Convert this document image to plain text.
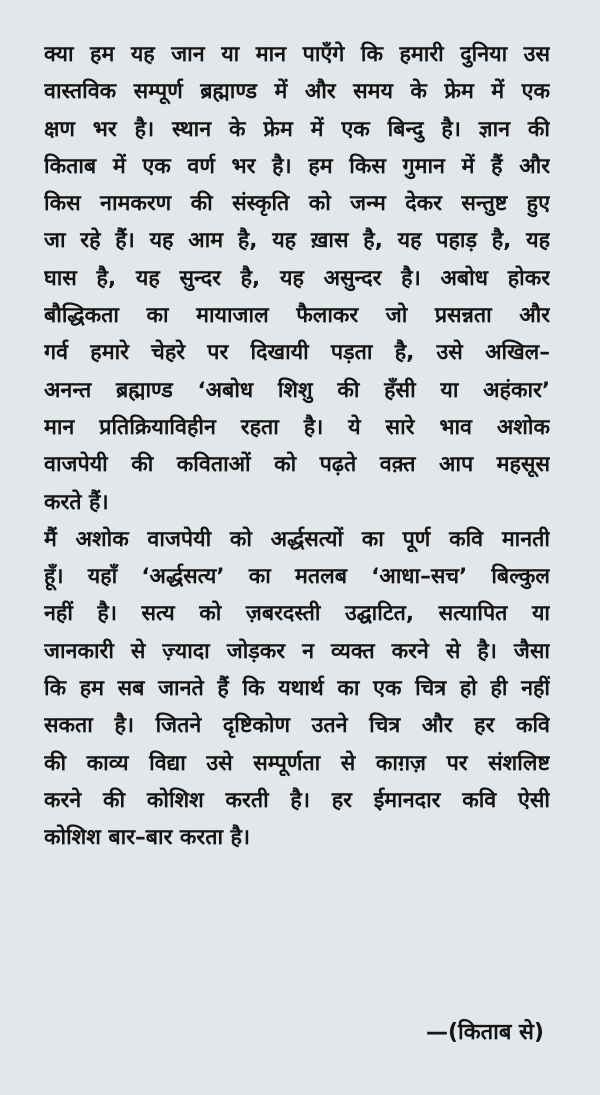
क्या हम यह जान या मान पाएँगे कि हमारी दुनिया उस
वास्तविक सम्पूर्ण ब्रह्माण्ड में और समय के फ्रेम में एक
क्षण भर है। स्थान के फ्रेम में एक बिन्दु है। ज्ञान की
किताब में एक वर्ण भर है। हम किस गुमान में हैं और
किस नामकरण की संस्कृति को जन्म देकर सन्तुष्ट हुए
जा रहे हैं। यह आम है, यह ख़ास है, यह पहाड़ है, यह
घास है, यह सुन्दर है, यह असुन्दर है। अबोध होकर
बौद्धिकता का मायाजाल फैलाकर जो प्रसन्नता और
गर्व हमारे चेहरे पर दिखायी पड़ता है, उसे अखिल–
अनन्त ब्रह्माण्ड ‘अबोध शिशु की हँसी या अहंकार’
मान प्रतिक्रियाविहीन रहता है। ये सारे भाव अशोक
वाजपेयी की कविताओं को पढ़ते वक़्त आप महसूस
करते हैं।
मैं अशोक वाजपेयी को अर्द्धसत्यों का पूर्ण कवि मानती
हूँ। यहाँ ‘अर्द्धसत्य’ का मतलब ‘आधा–सच’ बिल्कुल
नहीं है। सत्य को ज़बरदस्ती उद्घाटित, सत्यापित या
जानकारी से ज़्यादा जोड़कर न व्यक्त करने से है। जैसा
कि हम सब जानते हैं कि यथार्थ का एक चित्र हो ही नहीं
सकता है। जितने दृष्टिकोण उतने चित्र और हर कवि
की काव्य विद्या उसे सम्पूर्णता से काग़ज़ पर संशलिष्ट
करने की कोशिश करती है। हर ईमानदार कवि ऐसी
कोशिश बार–बार करता है।
—(किताब से)
